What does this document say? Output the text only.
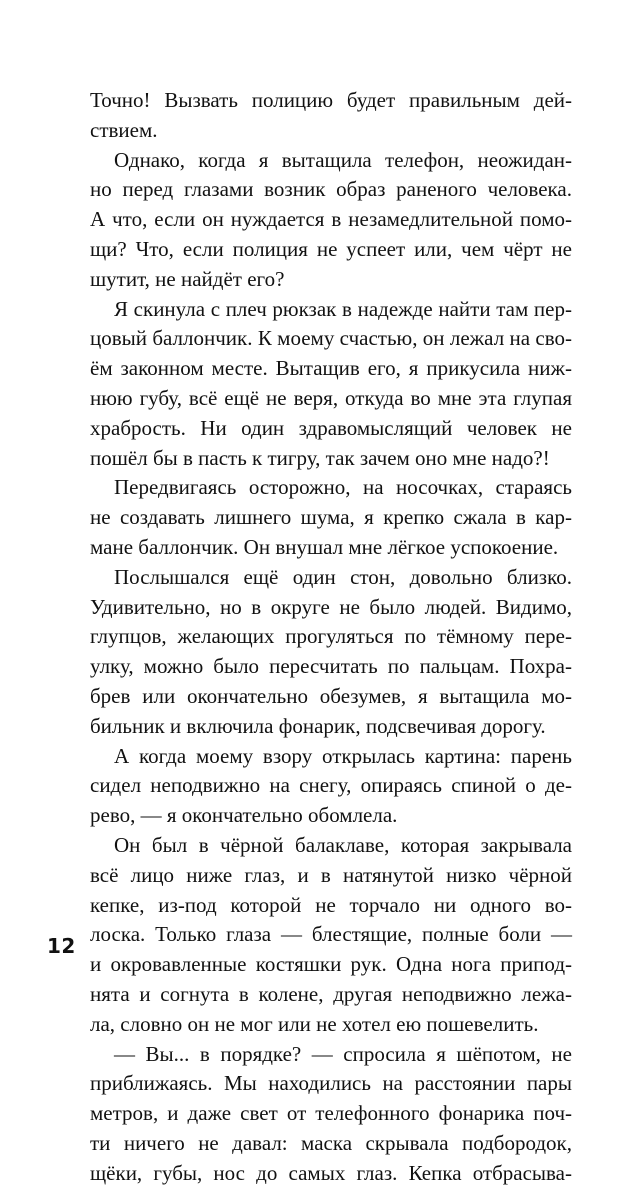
Точно! Вызвать полицию будет правильным дей-
ствием.
Однако, когда я вытащила телефон, неожидан-
но перед глазами возник образ раненого человека.
А что, если он нуждается в незамедлительной помо-
щи? Что, если полиция не успеет или, чем чёрт не
шутит, не найдёт его?
Я скинула с плеч рюкзак в надежде найти там пер-
цовый баллончик. К моему счастью, он лежал на сво-
ём законном месте. Вытащив его, я прикусила ниж-
нюю губу, всё ещё не веря, откуда во мне эта глупая
храбрость. Ни один здравомыслящий человек не
пошёл бы в пасть к тигру, так зачем оно мне надо?!
Передвигаясь осторожно, на носочках, стараясь
не создавать лишнего шума, я крепко сжала в кар-
мане баллончик. Он внушал мне лёгкое успокоение.
Послышался ещё один стон, довольно близко.
Удивительно, но в округе не было людей. Видимо,
глупцов, желающих прогуляться по тёмному пере-
улку, можно было пересчитать по пальцам. Похра-
брев или окончательно обезумев, я вытащила мо-
бильник и включила фонарик, подсвечивая дорогу.
А когда моему взору открылась картина: парень
сидел неподвижно на снегу, опираясь спиной о де-
рево, — я окончательно обомлела.
Он был в чёрной балаклаве, которая закрывала
всё лицо ниже глаз, и в натянутой низко чёрной
кепке, из-под которой не торчало ни одного во-
лоска. Только глаза — блестящие, полные боли —
и окровавленные костяшки рук. Одна нога припод-
нята и согнута в колене, другая неподвижно лежа-
ла, словно он не мог или не хотел ею пошевелить.
— Вы... в порядке? — спросила я шёпотом, не
приближаясь. Мы находились на расстоянии пары
метров, и даже свет от телефонного фонарика поч-
ти ничего не давал: маска скрывала подбородок,
щёки, губы, нос до самых глаз. Кепка отбрасыва-
12
